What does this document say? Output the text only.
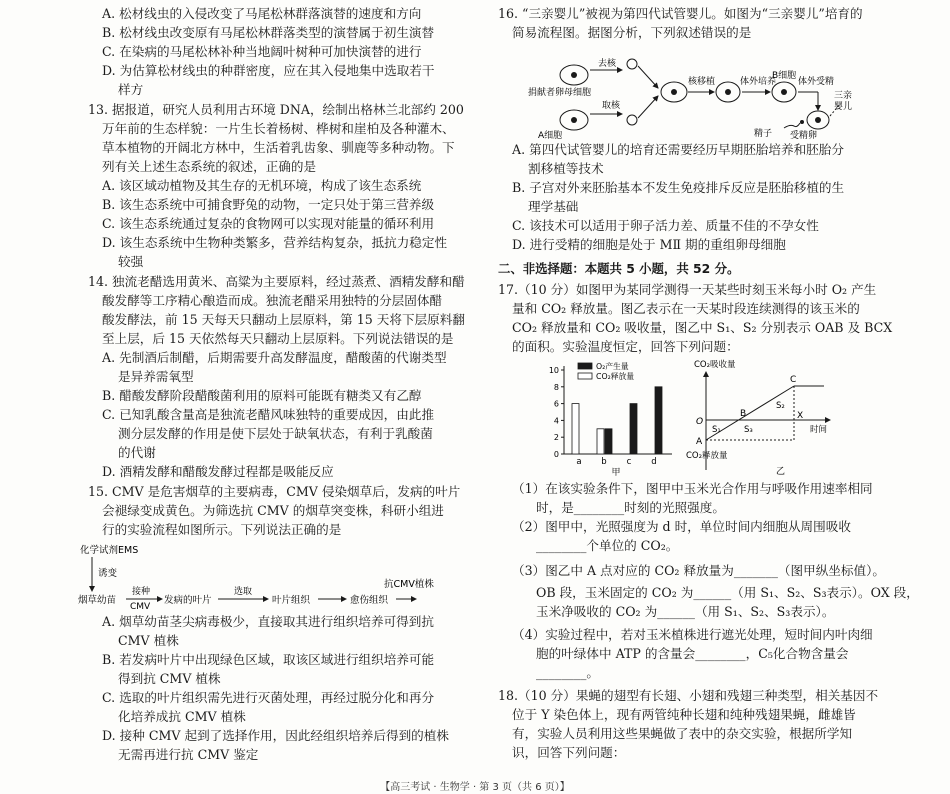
A. 松材线虫的入侵改变了马尾松林群落演替的速度和方向
B. 松材线虫改变原有马尾松林群落类型的演替属于初生演替
C. 在染病的马尾松林补种当地阔叶树种可加快演替的进行
D. 为估算松材线虫的种群密度，应在其入侵地集中选取若干
样方
13. 据报道，研究人员利用古环境 DNA，绘制出格林兰北部约 200
万年前的生态样貌：一片生长着杨树、桦树和崖柏及各种灌木、
草本植物的开阔北方林中，生活着乳齿象、驯鹿等多种动物。下
列有关上述生态系统的叙述，正确的是
A. 该区域动植物及其生存的无机环境，构成了该生态系统
B. 该生态系统中可捕食野兔的动物，一定只处于第三营养级
C. 该生态系统通过复杂的食物网可以实现对能量的循环利用
D. 该生态系统中生物种类繁多，营养结构复杂，抵抗力稳定性
较强
14. 独流老醋选用黄米、高粱为主要原料，经过蒸煮、酒精发酵和醋
酸发酵等工序精心酿造而成。独流老醋采用独特的分层固体醋
酸发酵法，前 15 天每天只翻动上层原料，第 15 天将下层原料翻
至上层，后 15 天依然每天只翻动上层原料。下列说法错误的是
A. 先制酒后制醋，后期需要升高发酵温度，醋酸菌的代谢类型
是异养需氧型
B. 醋酸发酵阶段醋酸菌利用的原料可能既有糖类又有乙醇
C. 已知乳酸含量高是独流老醋风味独特的重要成因，由此推
测分层发酵的作用是使下层处于缺氧状态，有利于乳酸菌
的代谢
D. 酒精发酵和醋酸发酵过程都是吸能反应
15. CMV 是危害烟草的主要病毒，CMV 侵染烟草后，发病的叶片
会褪绿变成黄色。为筛选抗 CMV 的烟草突变株，科研小组进
行的实验流程如图所示。下列说法正确的是
化学试剂EMS
诱变
烟草幼苗
接种
CMV
发病的叶片
选取
叶片组织	愈伤组织
抗CMV植株
A. 烟草幼苗茎尖病毒极少，直接取其进行组织培养可得到抗
CMV 植株
B. 若发病叶片中出现绿色区域，取该区域进行组织培养可能
得到抗 CMV 植株
C. 选取的叶片组织需先进行灭菌处理，再经过脱分化和再分
化培养成抗 CMV 植株
D. 接种 CMV 起到了选择作用，因此经组织培养后得到的植株
无需再进行抗 CMV 鉴定
16. “三亲婴儿”被视为第四代试管婴儿。如图为“三亲婴儿”培育的
简易流程图。据图分析，下列叙述错误的是
去核
捐献者卵母细胞
A细胞
取核
核移植	体外培养
B细胞
体外受精
受精卵
精子
三亲
婴儿
A. 第四代试管婴儿的培育还需要经历早期胚胎培养和胚胎分
割移植等技术
B. 子宫对外来胚胎基本不发生免疫排斥反应是胚胎移植的生
理学基础
C. 该技术可以适用于卵子活力差、质量不佳的不孕女性
D. 进行受精的细胞是处于 MⅡ 期的重组卵母细胞
二、非选择题：本题共 5 小题，共 52 分。
17.（10 分）如图甲为某同学测得一天某些时刻玉米每小时 O₂ 产生
量和 CO₂ 释放量。图乙表示在一天某时段连续测得的该玉米的
CO₂ 释放量和 CO₂ 吸收量，图乙中 S₁、S₂ 分别表示 OAB 及 BCX
的面积。实验温度恒定，回答下列问题：
0
2
4
6
8
10
a b c d
O₂产生量
CO₂释放量
甲
CO₂吸收量
时间
O
A
B
C
X
S₁
S₂
S₃
CO₂释放量
乙
（1）在该实验条件下，图甲中玉米光合作用与呼吸作用速率相同
时，是________时刻的光照强度。
（2）图甲中，光照强度为 d 时，单位时间内细胞从周围吸收
________个单位的 CO₂。
（3）图乙中 A 点对应的 CO₂ 释放量为_______（图甲纵坐标值）。
OB 段，玉米固定的 CO₂ 为______（用 S₁、S₂、S₃表示）。OX 段，
玉米净吸收的 CO₂ 为______（用 S₁、S₂、S₃表示）。
（4）实验过程中，若对玉米植株进行遮光处理，短时间内叶肉细
胞的叶绿体中 ATP 的含量会________，C₅化合物含量会
________。
18.（10 分）果蝇的翅型有长翅、小翅和残翅三种类型，相关基因不
位于 Y 染色体上，现有两管纯种长翅和纯种残翅果蝇，雌雄皆
有，实验人员利用这些果蝇做了表中的杂交实验，根据所学知
识，回答下列问题：
【高三考试 · 生物学 · 第 3 页（共 6 页）】
